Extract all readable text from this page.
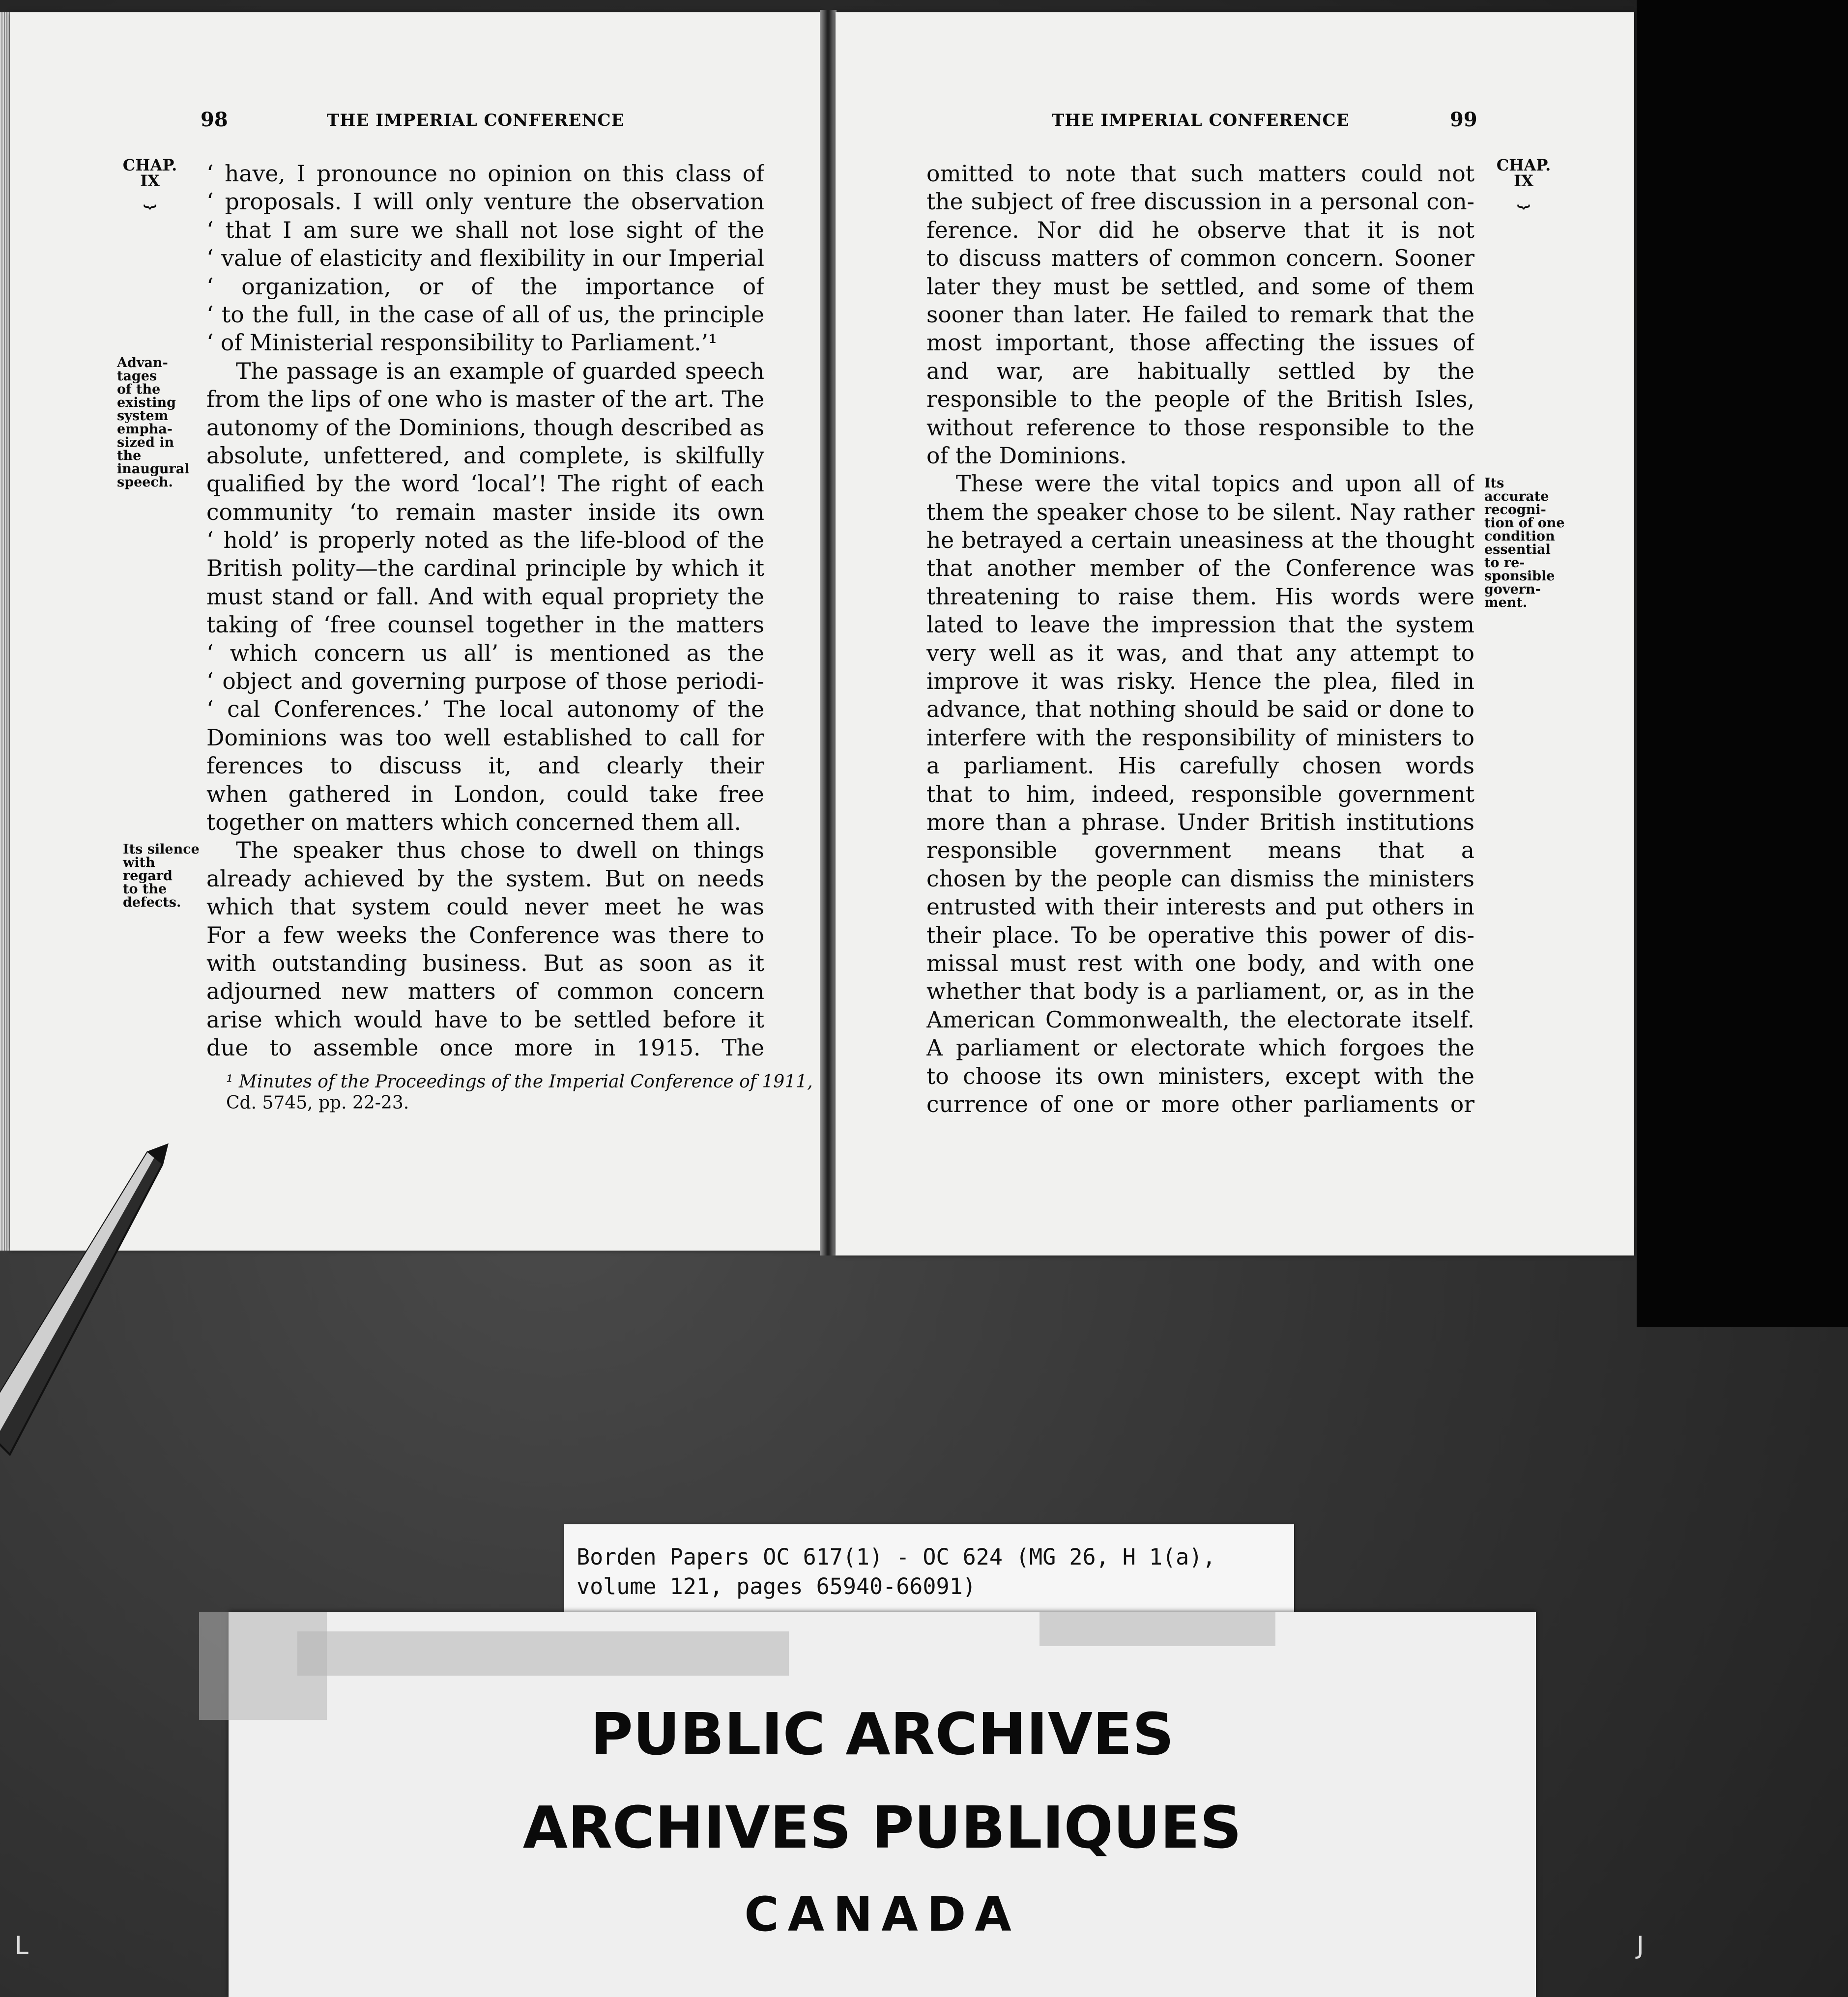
98	THE IMPERIAL CONFERENCE
CHAP.
IX
⏟
Advan-
tages
of the
existing
system
empha-
sized in
the
inaugural
speech.
Its silence
with
regard
to the
defects.
‘ have, I pronounce no opinion on this class of
‘ proposals. I will only venture the observation
‘ that I am sure we shall not lose sight of the
‘ value of elasticity and flexibility in our Imperial
‘ organization, or of the importance of
‘ to the full, in the case of all of us, the principle
‘ of Ministerial responsibility to Parliament.’¹
The passage is an example of guarded speech
from the lips of one who is master of the art. The
autonomy of the Dominions, though described as
absolute, unfettered, and complete, is skilfully
qualified by the word ‘local’! The right of each
community ‘to remain master inside its own
‘ hold’ is properly noted as the life-blood of the
British polity—the cardinal principle by which it
must stand or fall. And with equal propriety the
taking of ‘free counsel together in the matters
‘ which concern us all’ is mentioned as the
‘ object and governing purpose of those periodi-
‘ cal Conferences.’ The local autonomy of the
Dominions was too well established to call for
ferences to discuss it, and clearly their
when gathered in London, could take free
together on matters which concerned them all.
The speaker thus chose to dwell on things
already achieved by the system. But on needs
which that system could never meet he was
For a few weeks the Conference was there to
with outstanding business. But as soon as it
adjourned new matters of common concern
arise which would have to be settled before it
due to assemble once more in 1915. The
¹ Minutes of the Proceedings of the Imperial Conference of 1911,
Cd. 5745, pp. 22-23.
THE IMPERIAL CONFERENCE	99
CHAP.
IX
⏟
Its
accurate
recogni-
tion of one
condition
essential
to re-
sponsible
govern-
ment.
omitted to note that such matters could not
the subject of free discussion in a personal con-
ference. Nor did he observe that it is not
to discuss matters of common concern. Sooner
later they must be settled, and some of them
sooner than later. He failed to remark that the
most important, those affecting the issues of
and war, are habitually settled by the
responsible to the people of the British Isles,
without reference to those responsible to the
of the Dominions.
These were the vital topics and upon all of
them the speaker chose to be silent. Nay rather
he betrayed a certain uneasiness at the thought
that another member of the Conference was
threatening to raise them. His words were
lated to leave the impression that the system
very well as it was, and that any attempt to
improve it was risky. Hence the plea, filed in
advance, that nothing should be said or done to
interfere with the responsibility of ministers to
a parliament. His carefully chosen words
that to him, indeed, responsible government
more than a phrase. Under British institutions
responsible government means that a
chosen by the people can dismiss the ministers
entrusted with their interests and put others in
their place. To be operative this power of dis-
missal must rest with one body, and with one
whether that body is a parliament, or, as in the
American Commonwealth, the electorate itself.
A parliament or electorate which forgoes the
to choose its own ministers, except with the
currence of one or more other parliaments or
Borden Papers OC 617(1) - OC 624 (MG 26, H 1(a),
volume 121, pages 65940-66091)
PUBLIC ARCHIVES
ARCHIVES PUBLIQUES
CANADA
L	J
